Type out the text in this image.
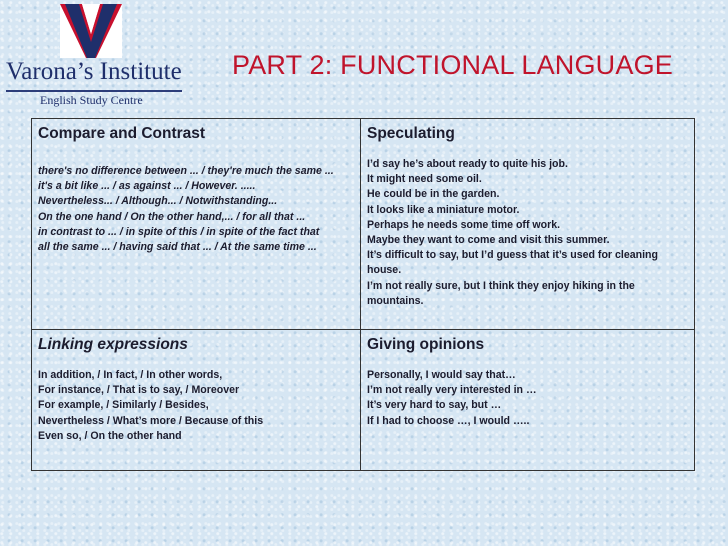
Varona’s Institute
English Study Centre
PART 2: FUNCTIONAL LANGUAGE
Compare and Contrast
there's no difference between ... / they're much the same ...
it's a bit like ... / as against ... / However. .....
Nevertheless... / Although... / Notwithstanding...
On the one hand / On the other hand,... / for all that ...
in contrast to ... / in spite of this / in spite of the fact that
all the same ... / having said that ... / At the same time ...
Speculating
I’d say he’s about ready to quite his job.
It might need some oil.
He could be in the garden.
It looks like a miniature motor.
Perhaps he needs some time off work.
Maybe they want to come and visit this summer.
It’s difficult to say, but I’d guess that it’s used for cleaning house.
I’m not really sure, but I think they enjoy hiking in the mountains.
Linking expressions
In addition, / In fact, / In other words,
For instance, / That is to say, / Moreover
For example, / Similarly / Besides,
Nevertheless / What’s more / Because of this
Even so, / On the other hand
Giving opinions
Personally, I would say that…
I’m not really very interested in …
It’s very hard to say, but …
If I had to choose …, I would …..
